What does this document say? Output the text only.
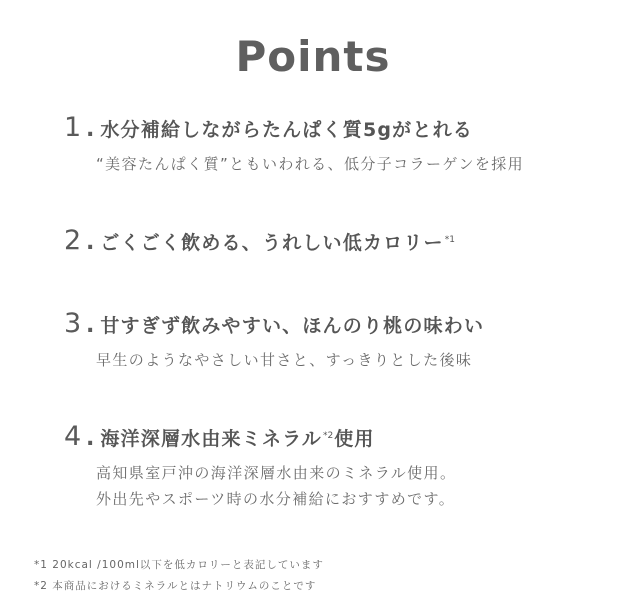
Points
1 . 水分補給しながらたんぱく質5gがとれる
“美容たんぱく質”ともいわれる、低分子コラーゲンを採用
2 . ごくごく飲める、うれしい低カロリー$^{*1}$
3 . 甘すぎず飲みやすい、ほんのり桃の味わい
早生のようなやさしい甘さと、すっきりとした後味
4 . 海洋深層水由来ミネラル$^{*2}$使用
高知県室戸沖の海洋深層水由来のミネラル使用。
外出先やスポーツ時の水分補給におすすめです。
*1 20kcal /100ml以下を低カロリーと表記しています
*2 本商品におけるミネラルとはナトリウムのことです
